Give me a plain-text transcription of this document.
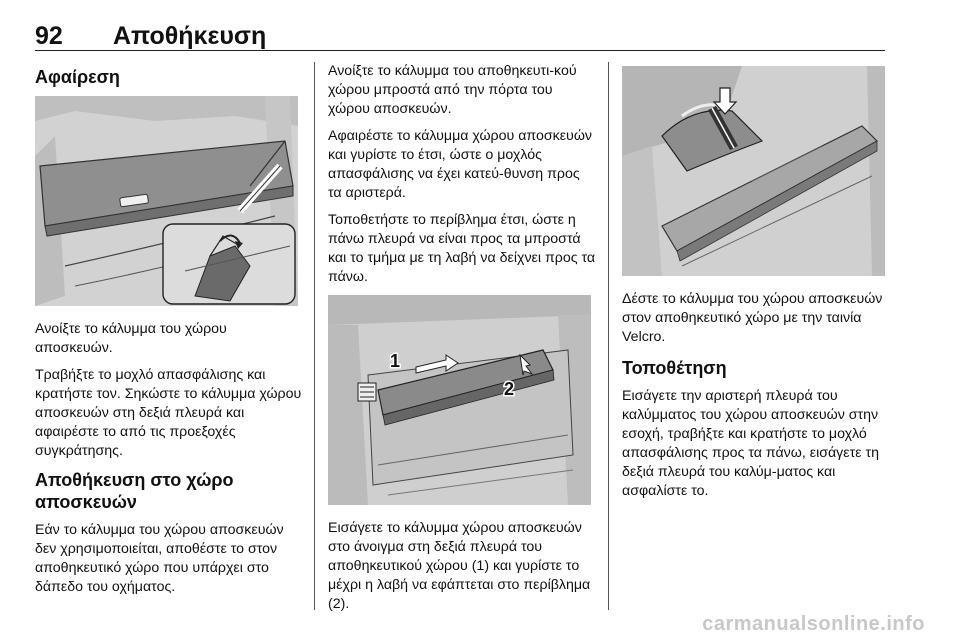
92 Αποθήκευση
Αφαίρεση

Ανοίξτε το κάλυμμα του χώρου αποσκευών.

Τραβήξτε το μοχλό απασφάλισης και κρατήστε τον. Σηκώστε το κάλυμμα χώρου αποσκευών στη δεξιά πλευρά και αφαιρέστε το από τις προεξοχές συγκράτησης.

Αποθήκευση στο χώρο αποσκευών

Εάν το κάλυμμα του χώρου αποσκευών δεν χρησιμοποιείται, αποθέστε το στον αποθηκευτικό χώρο που υπάρχει στο δάπεδο του οχήματος.

Ανοίξτε το κάλυμμα του αποθηκευτι-κού χώρου μπροστά από την πόρτα του χώρου αποσκευών.

Αφαιρέστε το κάλυμμα χώρου αποσκευών και γυρίστε το έτσι, ώστε ο μοχλός απασφάλισης να έχει κατεύ-θυνση προς τα αριστερά.

Τοποθετήστε το περίβλημα έτσι, ώστε η πάνω πλευρά να είναι προς τα μπροστά και το τμήμα με τη λαβή να δείχνει προς τα πάνω.

1
2

Εισάγετε το κάλυμμα χώρου αποσκευών στο άνοιγμα στη δεξιά πλευρά του αποθηκευτικού χώρου (1) και γυρίστε το μέχρι η λαβή να εφάπτεται στο περίβλημα (2).

Δέστε το κάλυμμα του χώρου αποσκευών στον αποθηκευτικό χώρο με την ταινία Velcro.

Τοποθέτηση

Εισάγετε την αριστερή πλευρά του καλύμματος του χώρου αποσκευών στην εσοχή, τραβήξτε και κρατήστε το μοχλό απασφάλισης προς τα πάνω, εισάγετε τη δεξιά πλευρά του καλύμ-ματος και ασφαλίστε το.

carmanualsonline.info
